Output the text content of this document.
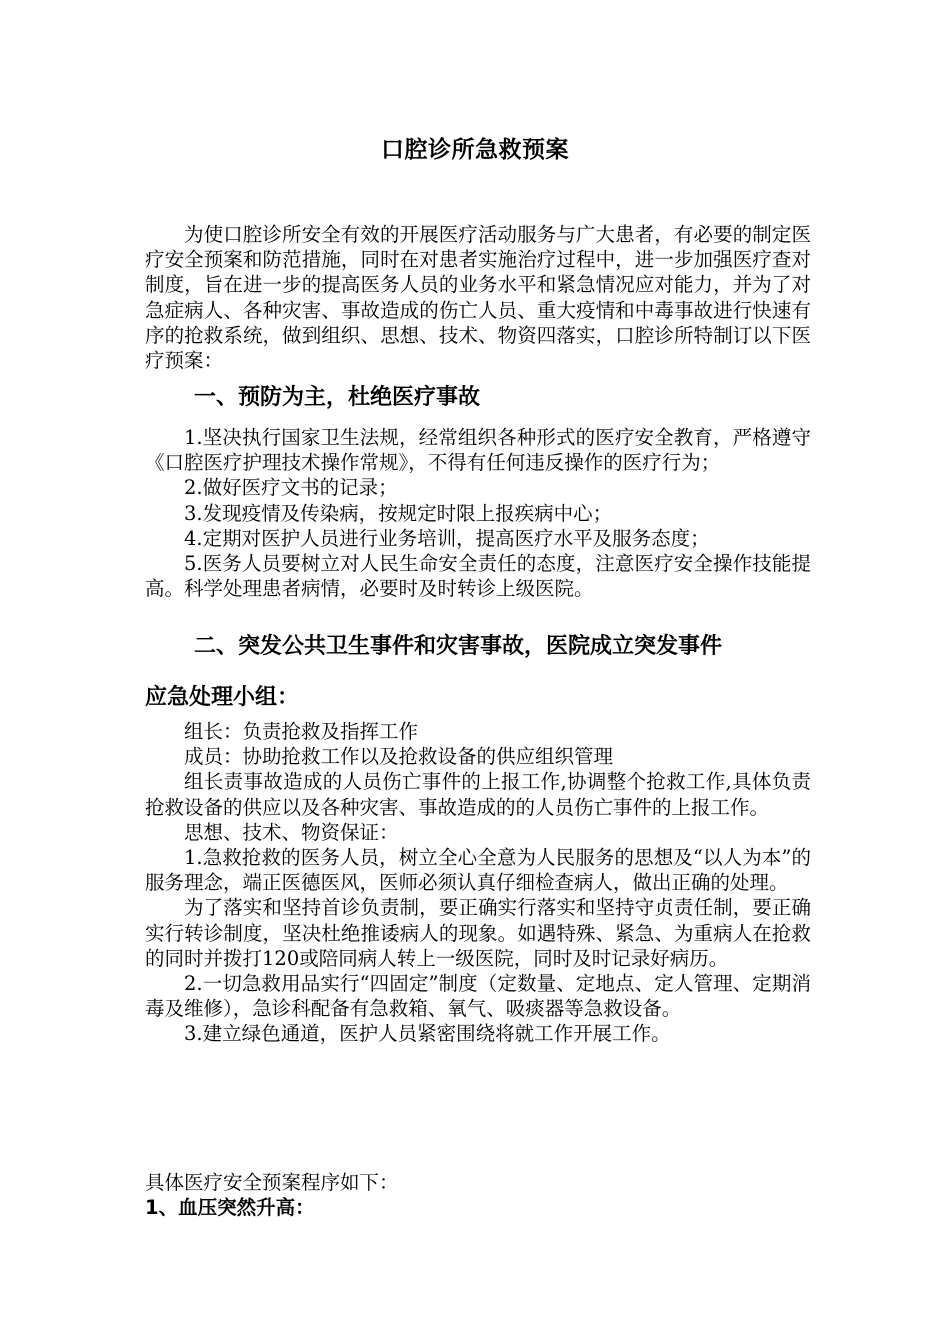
口腔诊所急救预案

为使口腔诊所安全有效的开展医疗活动服务与广大患者，有必要的制定医疗安全预案和防范措施，同时在对患者实施治疗过程中，进一步加强医疗查对制度，旨在进一步的提高医务人员的业务水平和紧急情况应对能力，并为了对急症病人、各种灾害、事故造成的伤亡人员、重大疫情和中毒事故进行快速有序的抢救系统，做到组织、思想、技术、物资四落实，口腔诊所特制订以下医疗预案：

一、预防为主，杜绝医疗事故

1.坚决执行国家卫生法规，经常组织各种形式的医疗安全教育，严格遵守《口腔医疗护理技术操作常规》，不得有任何违反操作的医疗行为；

2.做好医疗文书的记录；

3.发现疫情及传染病，按规定时限上报疾病中心；

4.定期对医护人员进行业务培训，提高医疗水平及服务态度；

5.医务人员要树立对人民生命安全责任的态度，注意医疗安全操作技能提高。科学处理患者病情，必要时及时转诊上级医院。

二、突发公共卫生事件和灾害事故，医院成立突发事件
应急处理小组：

组长：负责抢救及指挥工作

成员：协助抢救工作以及抢救设备的供应组织管理

组长责事故造成的人员伤亡事件的上报工作,协调整个抢救工作,具体负责抢救设备的供应以及各种灾害、事故造成的的人员伤亡事件的上报工作。

思想、技术、物资保证：

1.急救抢救的医务人员，树立全心全意为人民服务的思想及“以人为本”的服务理念，端正医德医风，医师必须认真仔细检查病人，做出正确的处理。

为了落实和坚持首诊负责制，要正确实行落实和坚持守贞责任制，要正确实行转诊制度，坚决杜绝推诿病人的现象。如遇特殊、紧急、为重病人在抢救的同时并拨打120或陪同病人转上一级医院，同时及时记录好病历。

2.一切急救用品实行“四固定”制度（定数量、定地点、定人管理、定期消毒及维修），急诊科配备有急救箱、氧气、吸痰器等急救设备。

3.建立绿色通道，医护人员紧密围绕将就工作开展工作。

具体医疗安全预案程序如下：

1、血压突然升高：
